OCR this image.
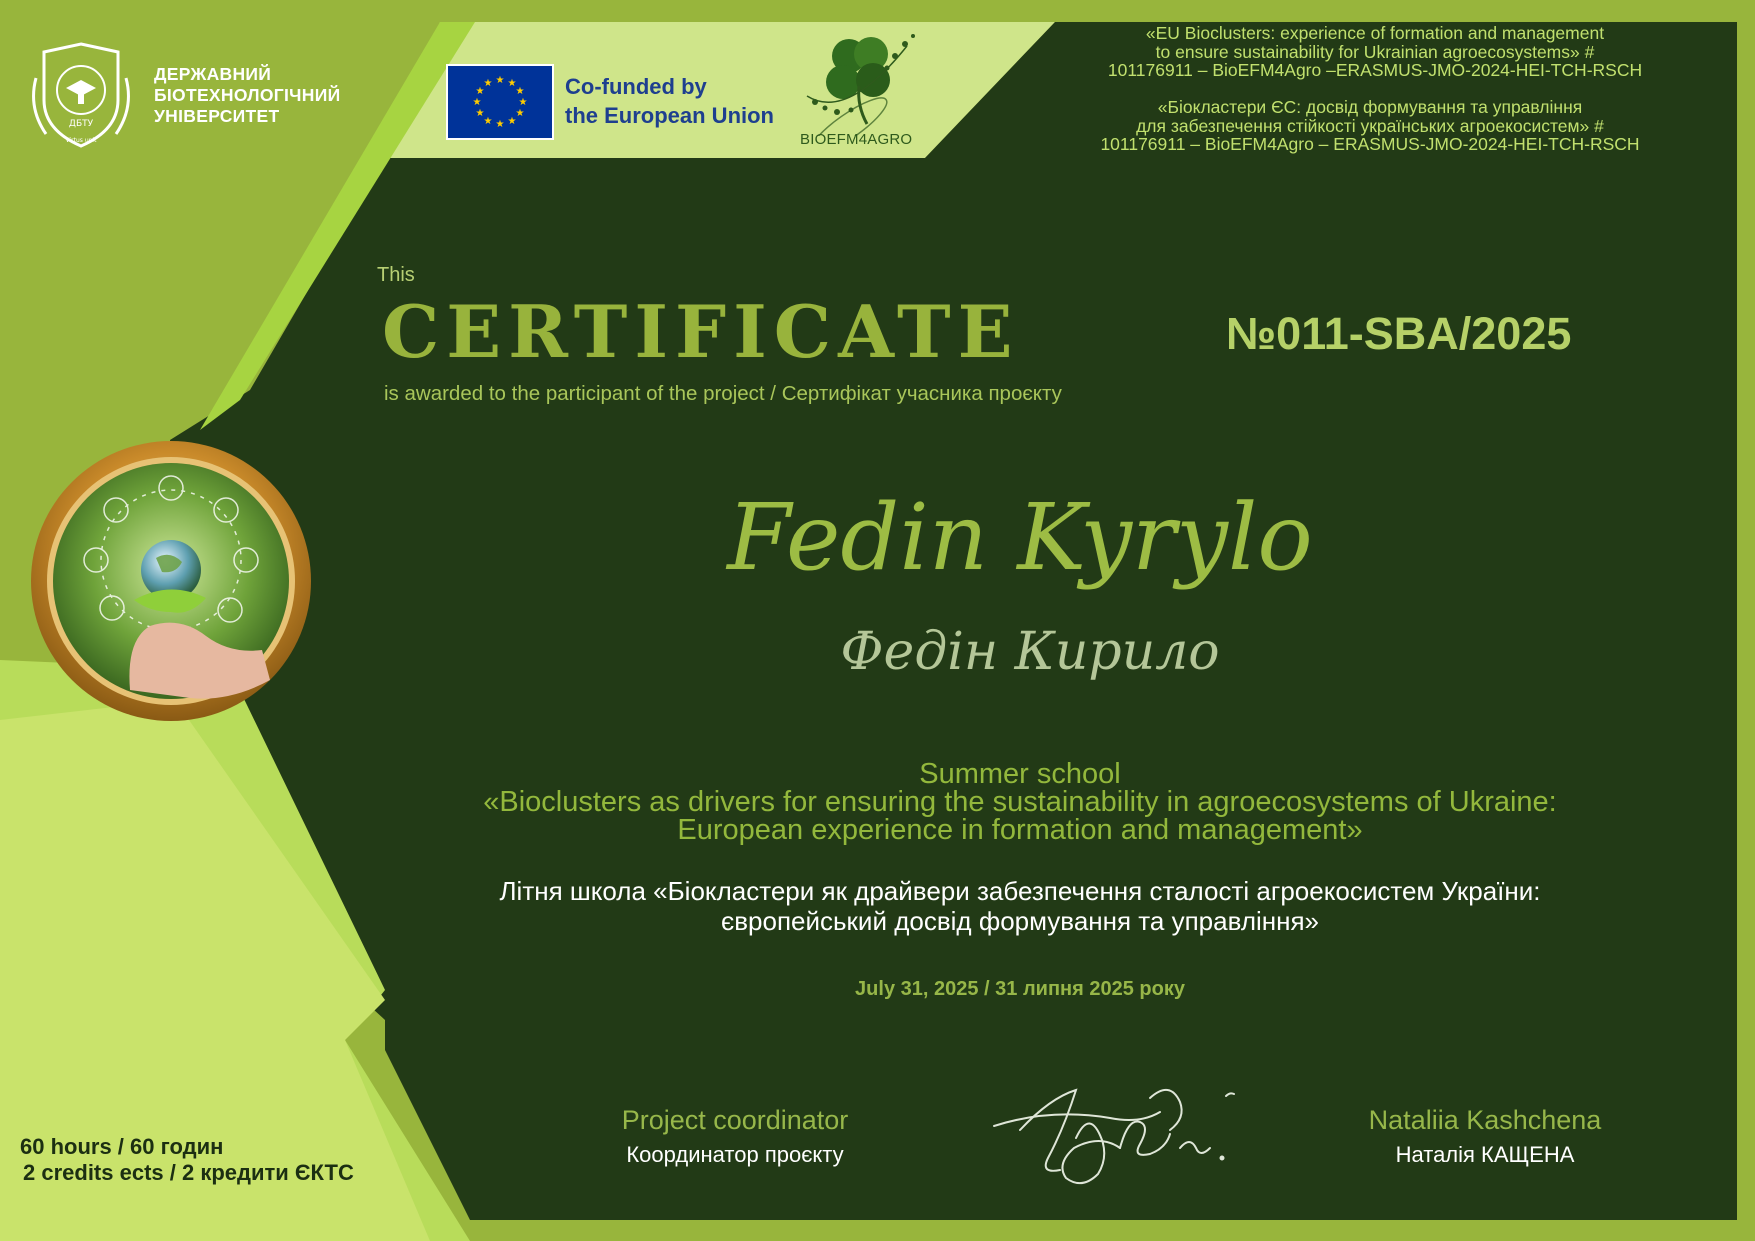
ДБТУ
Virtus unit
ДЕРЖАВНИЙ
БІОТЕХНОЛОГІЧНИЙ
УНІВЕРСИТЕТ
★ ★
★
★
★
★
★
★
★
★
★
★	Co-funded by
the European Union
BIOEFM4AGRO
«EU Bioclusters: experience of formation and management
to ensure sustainability for Ukrainian agroecosystems» #
101176911 – BioEFM4Agro –ERASMUS-JMO-2024-HEI-TCH-RSCH
«Біокластери ЄС: досвід формування та управління
для забезпечення стійкості українських агроекосистем» #
101176911 – BioEFM4Agro – ERASMUS-JMO-2024-HEI-TCH-RSCH
This
CERTIFICATE	№011-SBA/2025
is awarded to the participant of the project / Сертифікат учасника проєкту
Fedin Kyrylo
Федін Кирило
Summer school
«Bioclusters as drivers for ensuring the sustainability in agroecosystems of Ukraine:
European experience in formation and management»
Літня школа «Біокластери як драйвери забезпечення сталості агроекосистем України:
європейський досвід формування та управління»
July 31, 2025 / 31 липня 2025 року
Project coordinator
Координатор проєкту
Nataliia Kashchena
Наталія КАЩЕНА
60 hours / 60 годин
2 credits ects / 2 кредити ЄКТС
